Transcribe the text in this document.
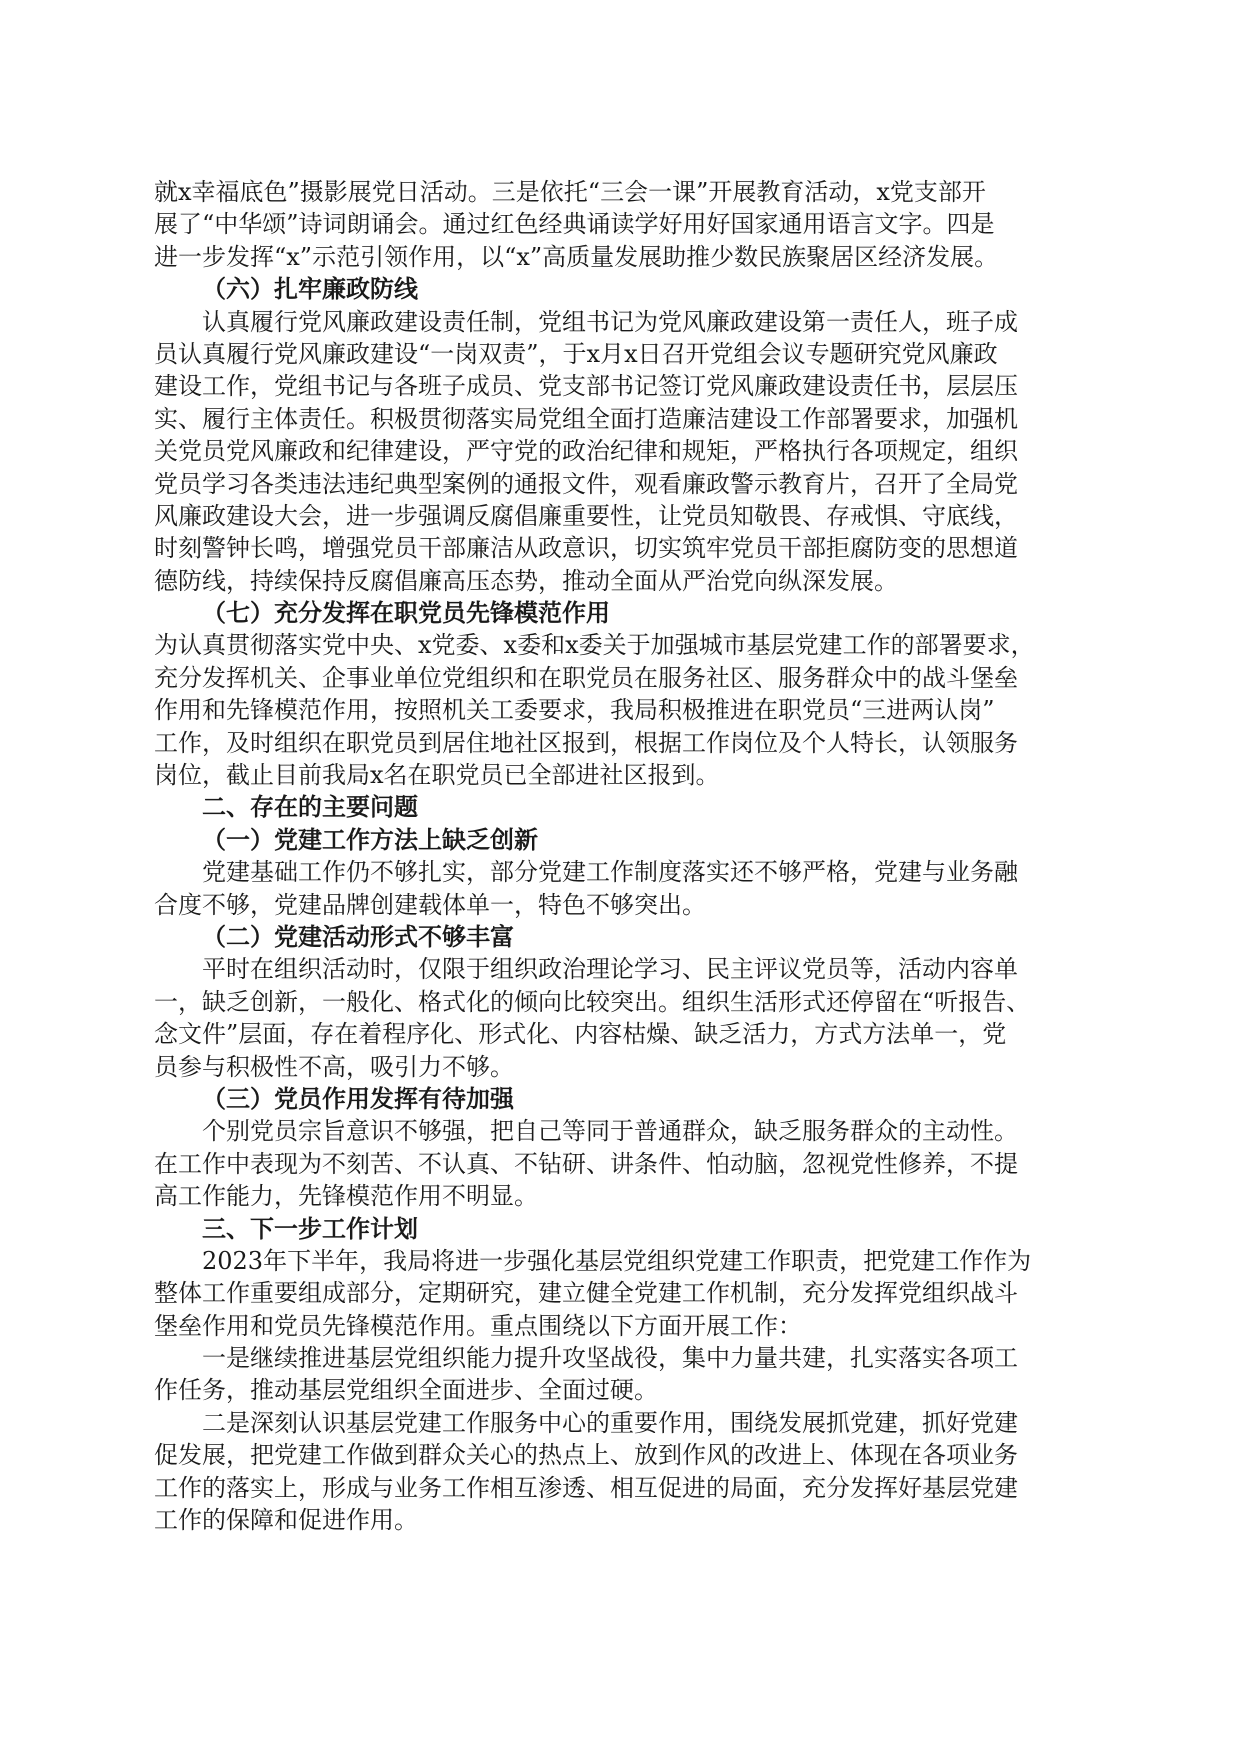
就x幸福底色”摄影展党日活动。三是依托“三会一课”开展教育活动，x党支部开

展了“中华颂”诗词朗诵会。通过红色经典诵读学好用好国家通用语言文字。四是

进一步发挥“x”示范引领作用，以“x”高质量发展助推少数民族聚居区经济发展。

（六）扎牢廉政防线

认真履行党风廉政建设责任制，党组书记为党风廉政建设第一责任人，班子成

员认真履行党风廉政建设“一岗双责”，于x月x日召开党组会议专题研究党风廉政

建设工作，党组书记与各班子成员、党支部书记签订党风廉政建设责任书，层层压

实、履行主体责任。积极贯彻落实局党组全面打造廉洁建设工作部署要求，加强机

关党员党风廉政和纪律建设，严守党的政治纪律和规矩，严格执行各项规定，组织

党员学习各类违法违纪典型案例的通报文件，观看廉政警示教育片，召开了全局党

风廉政建设大会，进一步强调反腐倡廉重要性，让党员知敬畏、存戒惧、守底线，

时刻警钟长鸣，增强党员干部廉洁从政意识，切实筑牢党员干部拒腐防变的思想道

德防线，持续保持反腐倡廉高压态势，推动全面从严治党向纵深发展。

（七）充分发挥在职党员先锋模范作用

为认真贯彻落实党中央、x党委、x委和x委关于加强城市基层党建工作的部署要求，

充分发挥机关、企事业单位党组织和在职党员在服务社区、服务群众中的战斗堡垒

作用和先锋模范作用，按照机关工委要求，我局积极推进在职党员“三进两认岗”

工作，及时组织在职党员到居住地社区报到，根据工作岗位及个人特长，认领服务

岗位，截止目前我局x名在职党员已全部进社区报到。

二、存在的主要问题

（一）党建工作方法上缺乏创新

党建基础工作仍不够扎实，部分党建工作制度落实还不够严格，党建与业务融

合度不够，党建品牌创建载体单一，特色不够突出。

（二）党建活动形式不够丰富

平时在组织活动时，仅限于组织政治理论学习、民主评议党员等，活动内容单

一，缺乏创新，一般化、格式化的倾向比较突出。组织生活形式还停留在“听报告、

念文件”层面，存在着程序化、形式化、内容枯燥、缺乏活力，方式方法单一，党

员参与积极性不高，吸引力不够。

（三）党员作用发挥有待加强

个别党员宗旨意识不够强，把自己等同于普通群众，缺乏服务群众的主动性。

在工作中表现为不刻苦、不认真、不钻研、讲条件、怕动脑，忽视党性修养，不提

高工作能力，先锋模范作用不明显。

三、下一步工作计划

2023年下半年，我局将进一步强化基层党组织党建工作职责，把党建工作作为

整体工作重要组成部分，定期研究，建立健全党建工作机制，充分发挥党组织战斗

堡垒作用和党员先锋模范作用。重点围绕以下方面开展工作：

一是继续推进基层党组织能力提升攻坚战役，集中力量共建，扎实落实各项工

作任务，推动基层党组织全面进步、全面过硬。

二是深刻认识基层党建工作服务中心的重要作用，围绕发展抓党建，抓好党建

促发展，把党建工作做到群众关心的热点上、放到作风的改进上、体现在各项业务

工作的落实上，形成与业务工作相互渗透、相互促进的局面，充分发挥好基层党建

工作的保障和促进作用。
